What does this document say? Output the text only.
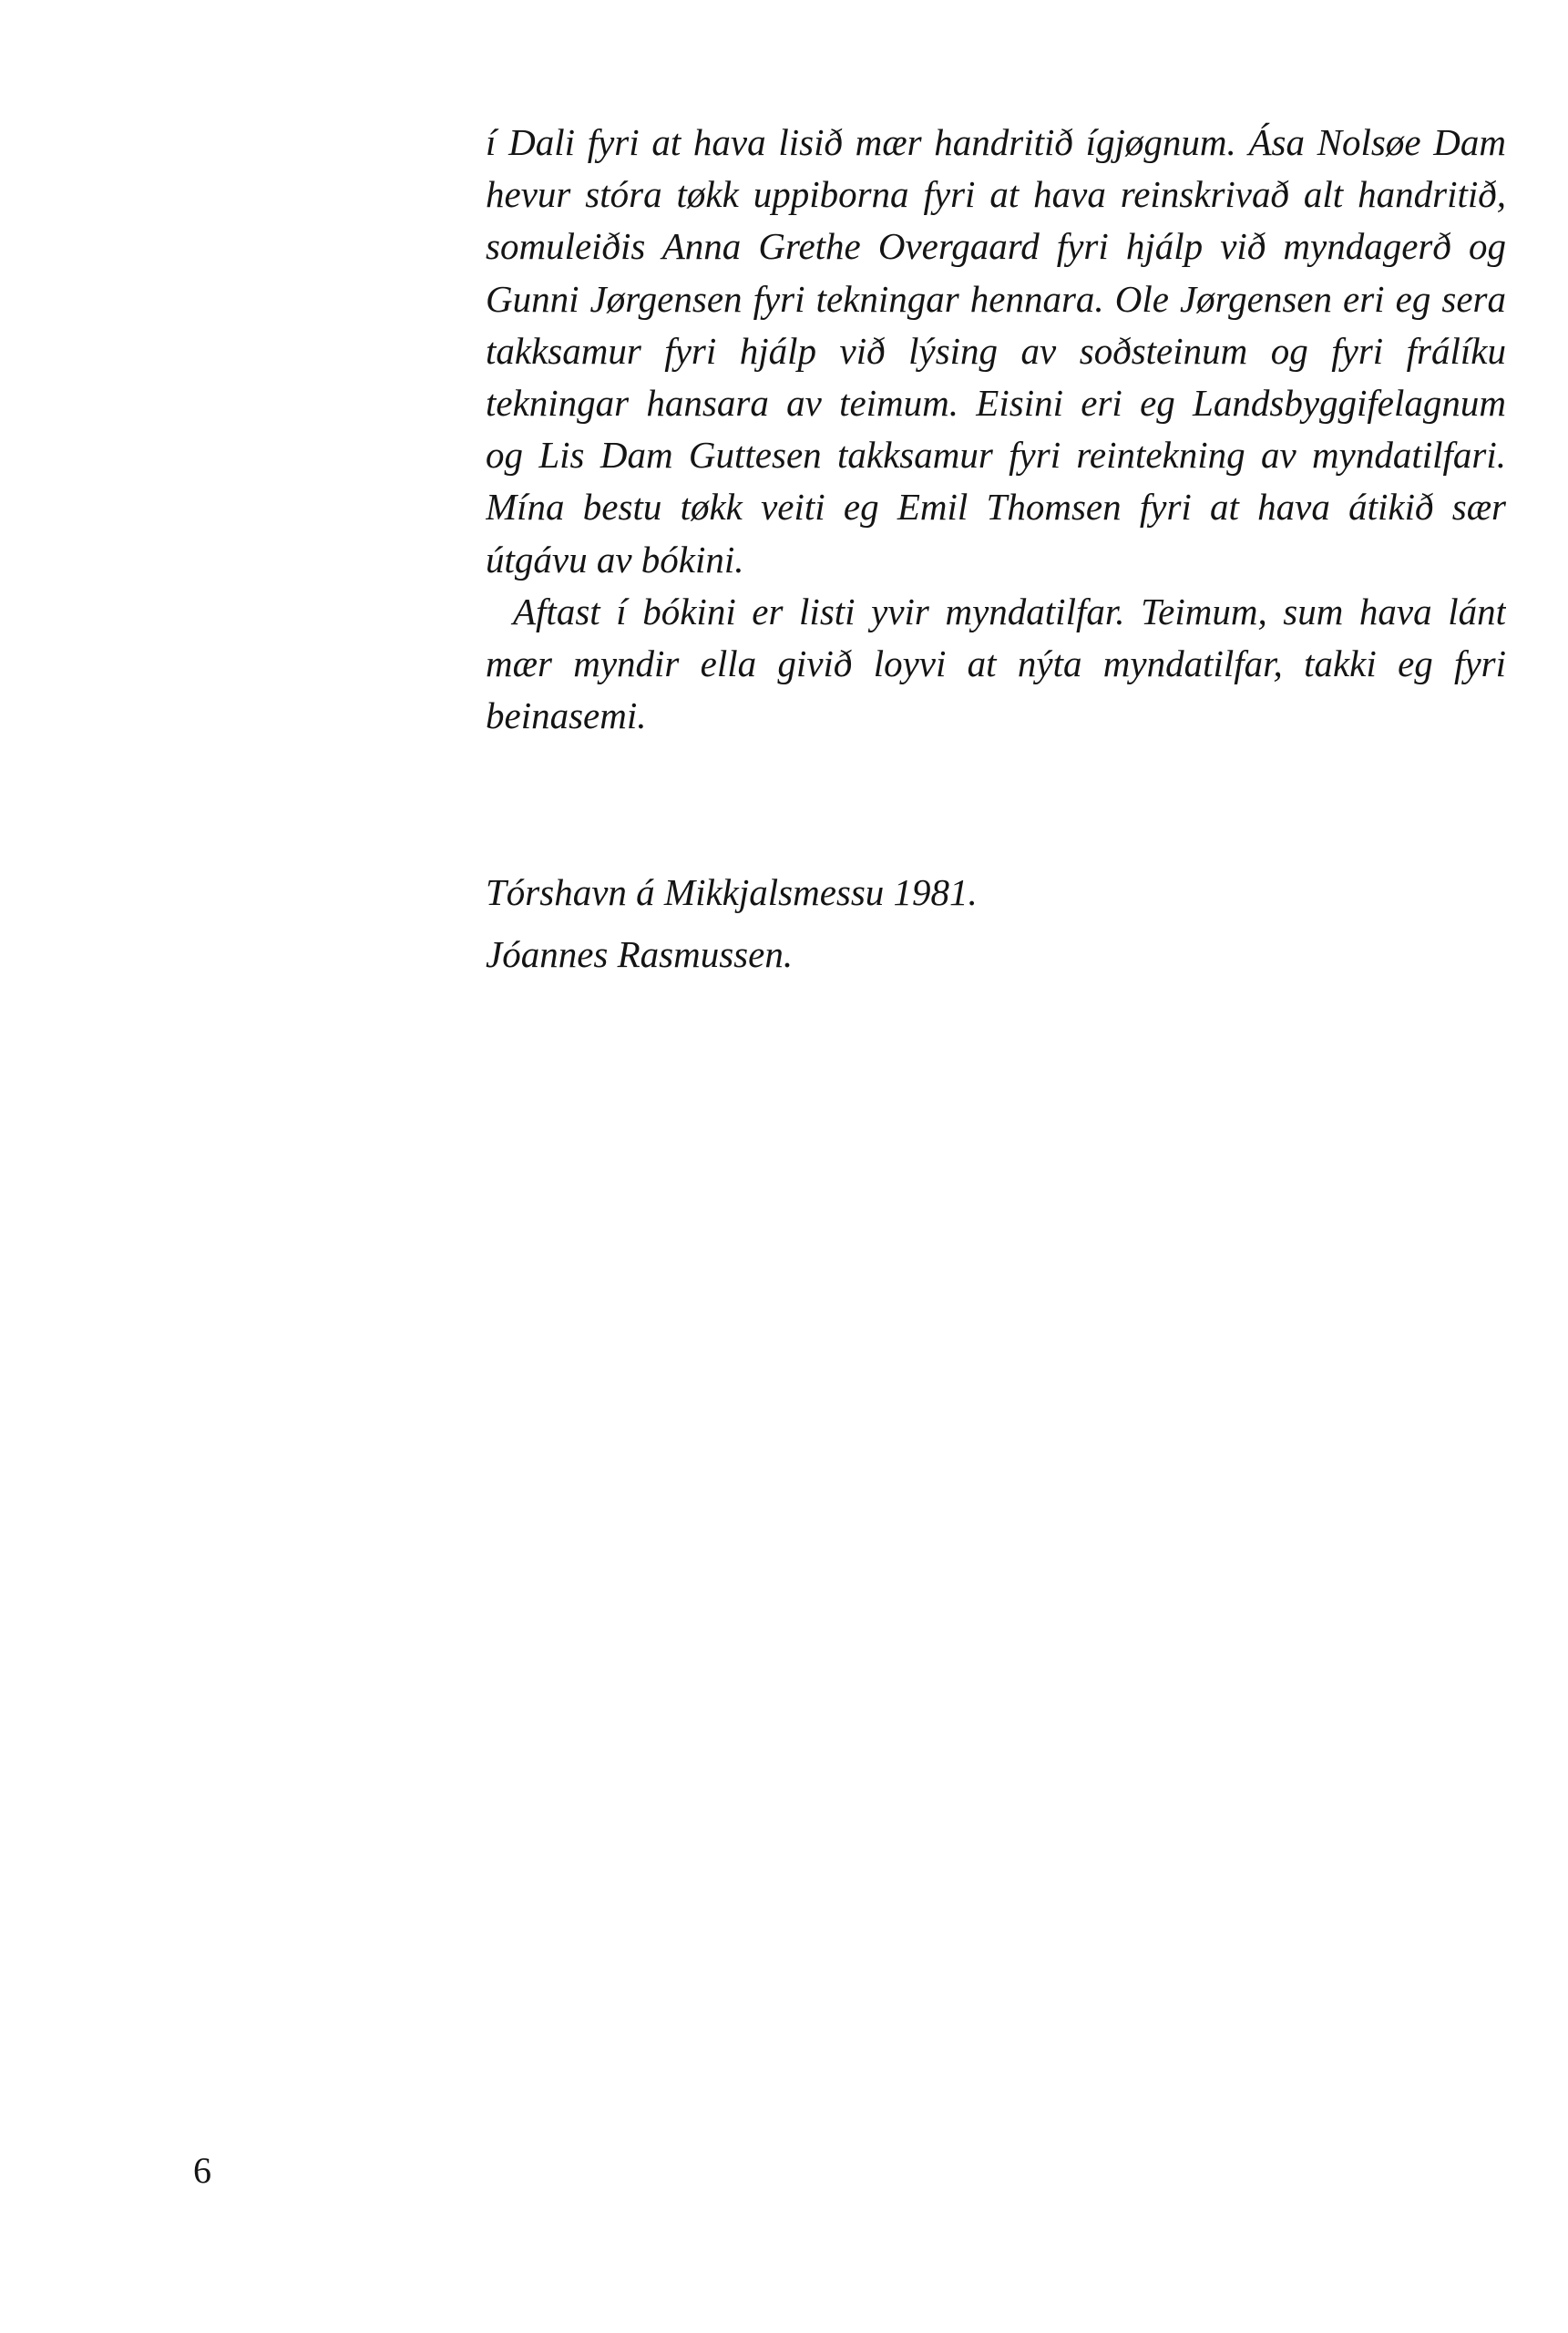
í Dali fyri at hava lisið mær handritið ígjøgnum. Ása Nolsøe Dam
hevur stóra tøkk uppiborna fyri at hava reinskrivað alt handritið,
somuleiðis Anna Grethe Overgaard fyri hjálp við myndagerð og
Gunni Jørgensen fyri tekningar hennara. Ole Jørgensen eri eg sera
takksamur fyri hjálp við lýsing av soðsteinum og fyri frálíku
tekningar hansara av teimum. Eisini eri eg Landsbyggifelagnum
og Lis Dam Guttesen takksamur fyri reintekning av myndatilfari.
Mína bestu tøkk veiti eg Emil Thomsen fyri at hava átikið sær
útgávu av bókini.
Aftast í bókini er listi yvir myndatilfar. Teimum, sum hava lánt
mær myndir ella givið loyvi at nýta myndatilfar, takki eg fyri
beinasemi.
Tórshavn á Mikkjalsmessu 1981.
Jóannes Rasmussen.
6
